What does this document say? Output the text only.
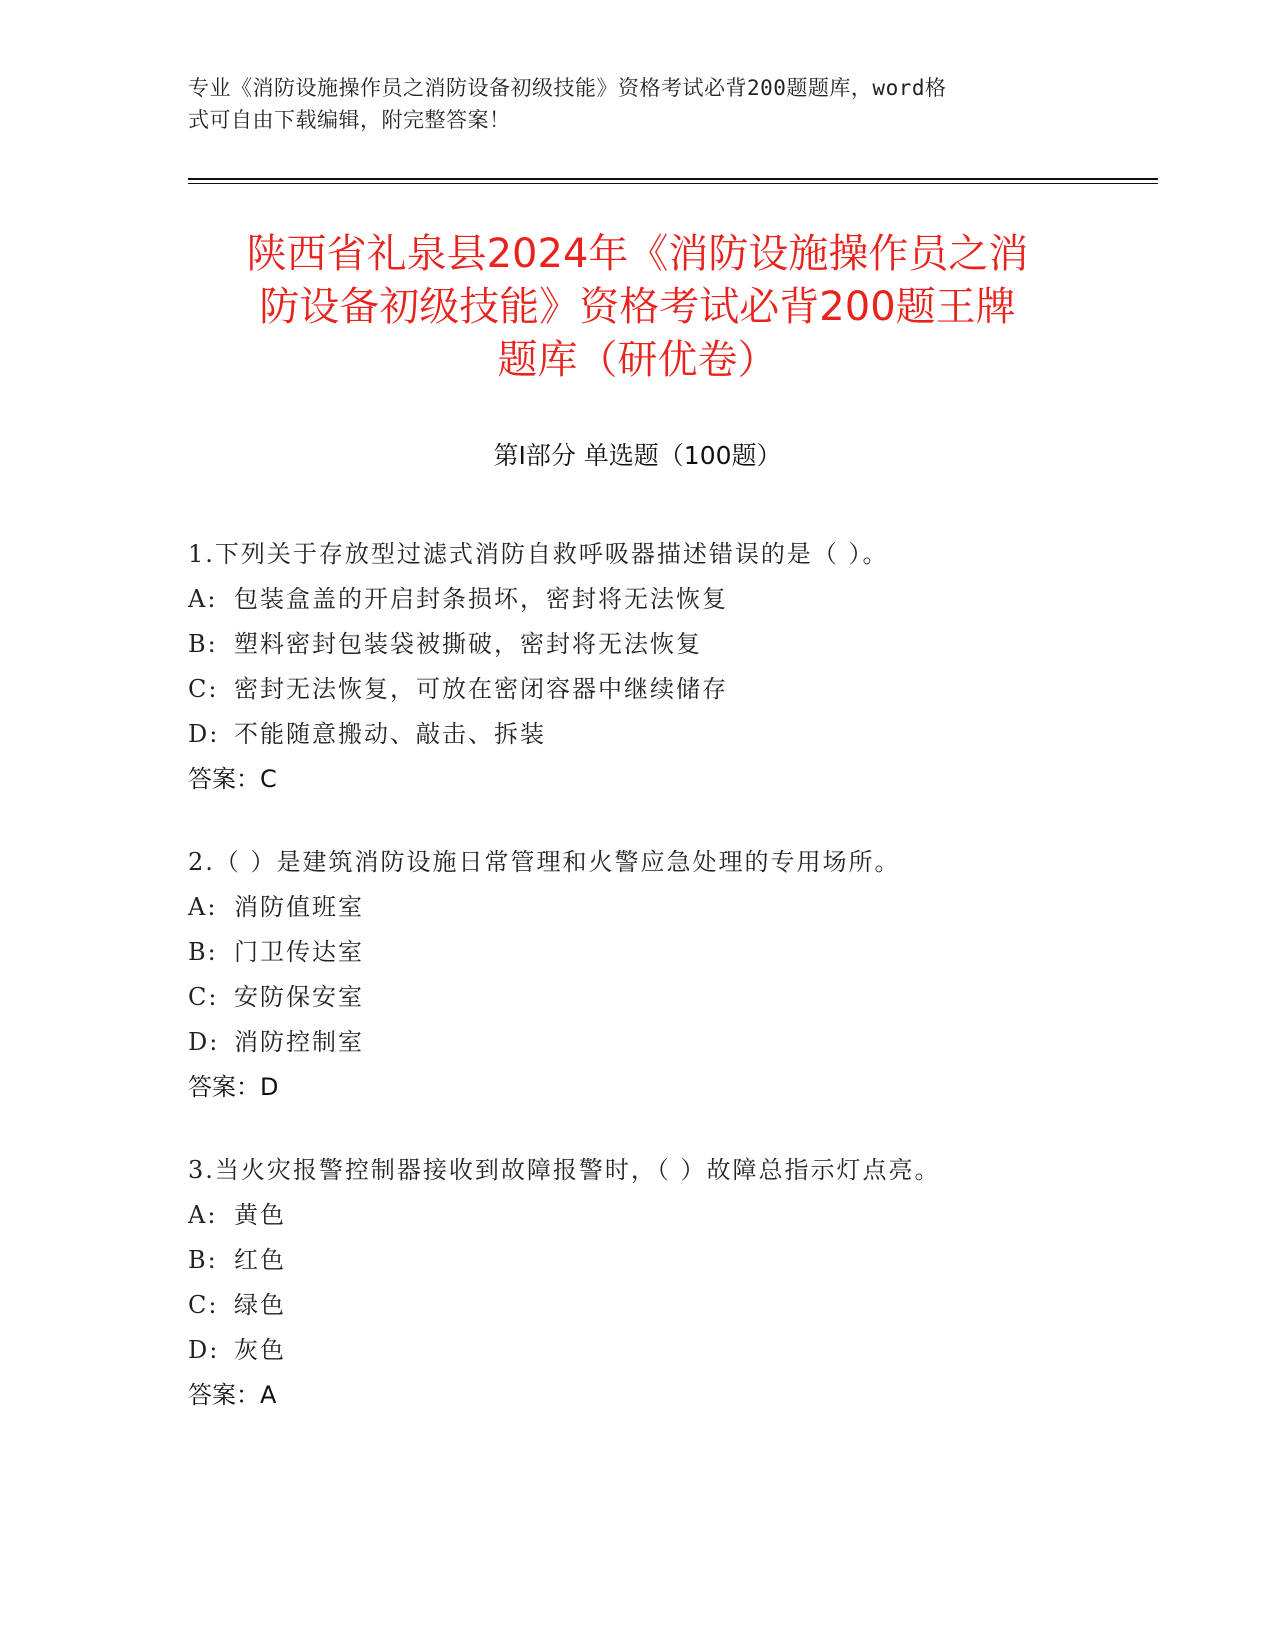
专业《消防设施操作员之消防设备初级技能》资格考试必背200题题库，word格
式可自由下载编辑，附完整答案！
陕西省礼泉县2024年《消防设施操作员之消
防设备初级技能》资格考试必背200题王牌
题库（研优卷）
第Ⅰ部分 单选题（100题）
1.下列关于存放型过滤式消防自救呼吸器描述错误的是（ ）。
A: 包装盒盖的开启封条损坏，密封将无法恢复
B: 塑料密封包装袋被撕破，密封将无法恢复
C: 密封无法恢复，可放在密闭容器中继续储存
D: 不能随意搬动、敲击、拆装
答案：C
2.（ ）是建筑消防设施日常管理和火警应急处理的专用场所。
A: 消防值班室
B: 门卫传达室
C: 安防保安室
D: 消防控制室
答案：D
3.当火灾报警控制器接收到故障报警时，（ ）故障总指示灯点亮。
A: 黄色
B: 红色
C: 绿色
D: 灰色
答案：A
